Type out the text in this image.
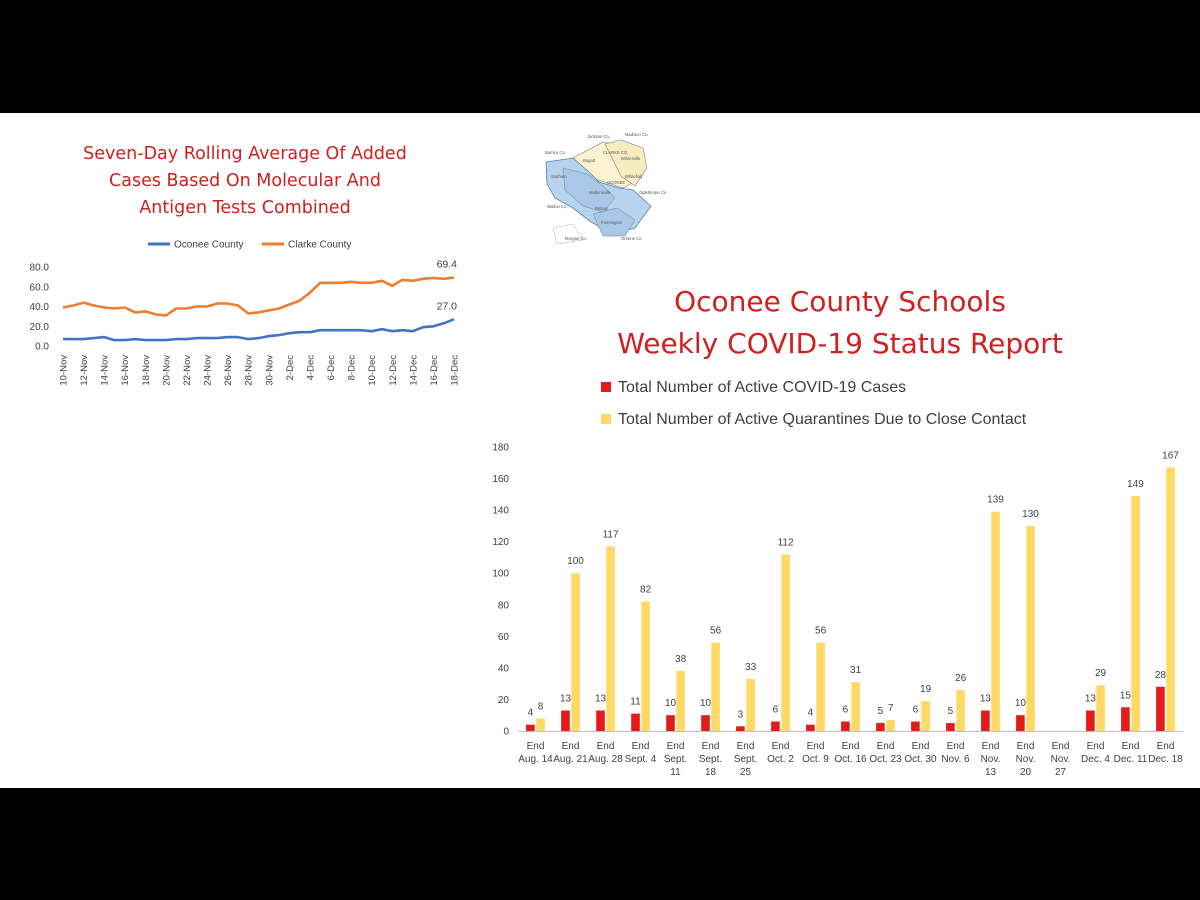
Seven-Day Rolling Average Of Added
Cases Based On Molecular And
Antigen Tests Combined
Oconee County	Clarke County
80.0
60.0
40.0
20.0
0.0
10-Nov 12-Nov 14-Nov 16-Nov 18-Nov 20-Nov 22-Nov 24-Nov 26-Nov 28-Nov 30-Nov 2-Dec 4-Dec 6-Dec 8-Dec 10-Dec 12-Dec 14-Dec 16-Dec 18-Dec
27.0
69.4
Jackson Co.	Madison Co.
Barrow Co.
Bogart	Winterville
CLARKE CO.
Whitehall
Statham
Bishop
Watkinsville
Farmington
Walton Co.
Morgan Co.	Greene Co.
OCONEE
Oglethorpe Co.
Oconee County Schools
Weekly COVID-19 Status Report
Total Number of Active COVID-19 Cases
Total Number of Active Quarantines Due to Close Contact
180
160
140
120
100
80
60
40
20
0
4
8
End
Aug. 14
13
100
End
Aug. 21
13
117
End
Aug. 28
11
82
End
Sept. 4
10
38
End
Sept.
11
10
56
End
Sept.
18
3
33
End
Sept.
25
6
112
End
Oct. 2
4
56
End
Oct. 9
6
31
End
Oct. 16
5 7
End
Oct. 23
6
19
End
Oct. 30
5
26
End
Nov. 6
13
139
End
Nov.
13
10
130
End
Nov.
20
End
Nov.
27
13
29
End
Dec. 4
15
149
End
Dec. 11
28
167
End
Dec. 18
